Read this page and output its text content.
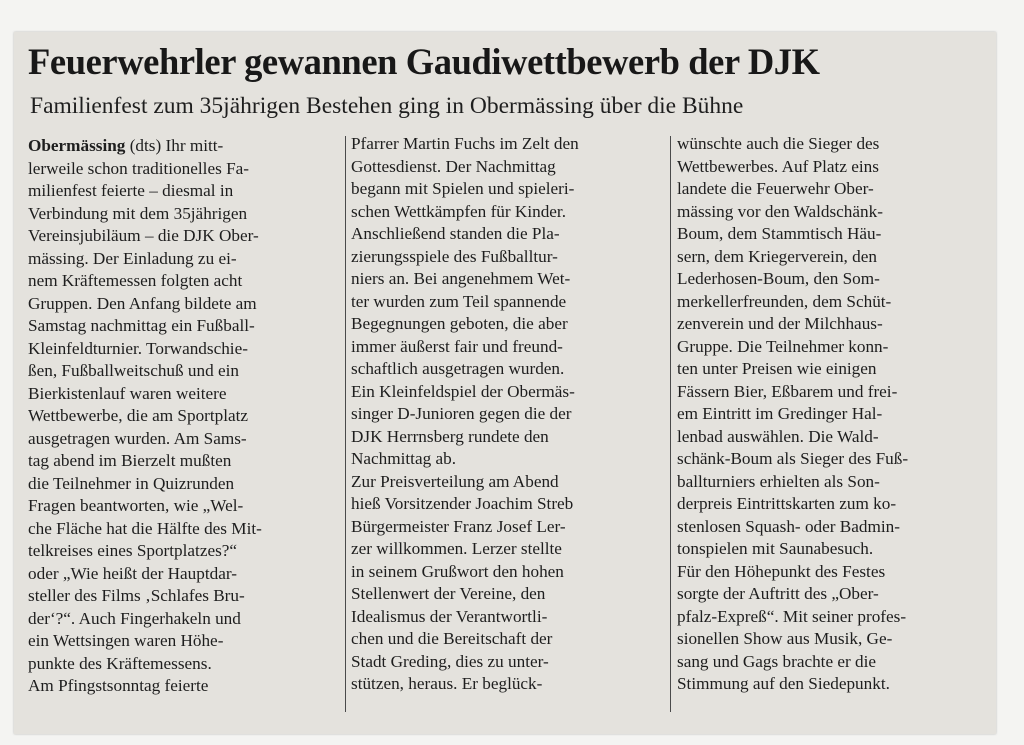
Feuerwehrler gewannen Gaudiwettbewerb der DJK
Familienfest zum 35jährigen Bestehen ging in Obermässing über die Bühne
Obermässing (dts) Ihr mitt-
lerweile schon traditionelles Fa-
milienfest feierte – diesmal in
Verbindung mit dem 35jährigen
Vereinsjubiläum – die DJK Ober-
mässing. Der Einladung zu ei-
nem Kräftemessen folgten acht
Gruppen. Den Anfang bildete am
Samstag nachmittag ein Fußball-
Kleinfeldturnier. Torwandschie-
ßen, Fußballweitschuß und ein
Bierkistenlauf waren weitere
Wettbewerbe, die am Sportplatz
ausgetragen wurden. Am Sams-
tag abend im Bierzelt mußten
die Teilnehmer in Quizrunden
Fragen beantworten, wie „Wel-
che Fläche hat die Hälfte des Mit-
telkreises eines Sportplatzes?“
oder „Wie heißt der Hauptdar-
steller des Films ‚Schlafes Bru-
der‘?“. Auch Fingerhakeln und
ein Wettsingen waren Höhe-
punkte des Kräftemessens.
Am Pfingstsonntag feierte
Pfarrer Martin Fuchs im Zelt den
Gottesdienst. Der Nachmittag
begann mit Spielen und spieleri-
schen Wettkämpfen für Kinder.
Anschließend standen die Pla-
zierungsspiele des Fußballtur-
niers an. Bei angenehmem Wet-
ter wurden zum Teil spannende
Begegnungen geboten, die aber
immer äußerst fair und freund-
schaftlich ausgetragen wurden.
Ein Kleinfeldspiel der Obermäs-
singer D-Junioren gegen die der
DJK Herrnsberg rundete den
Nachmittag ab.
Zur Preisverteilung am Abend
hieß Vorsitzender Joachim Streb
Bürgermeister Franz Josef Ler-
zer willkommen. Lerzer stellte
in seinem Grußwort den hohen
Stellenwert der Vereine, den
Idealismus der Verantwortli-
chen und die Bereitschaft der
Stadt Greding, dies zu unter-
stützen, heraus. Er beglück-
wünschte auch die Sieger des
Wettbewerbes. Auf Platz eins
landete die Feuerwehr Ober-
mässing vor den Waldschänk-
Boum, dem Stammtisch Häu-
sern, dem Kriegerverein, den
Lederhosen-Boum, den Som-
merkellerfreunden, dem Schüt-
zenverein und der Milchhaus-
Gruppe. Die Teilnehmer konn-
ten unter Preisen wie einigen
Fässern Bier, Eßbarem und frei-
em Eintritt im Gredinger Hal-
lenbad auswählen. Die Wald-
schänk-Boum als Sieger des Fuß-
ballturniers erhielten als Son-
derpreis Eintrittskarten zum ko-
stenlosen Squash- oder Badmin-
tonspielen mit Saunabesuch.
Für den Höhepunkt des Festes
sorgte der Auftritt des „Ober-
pfalz-Expreß“. Mit seiner profes-
sionellen Show aus Musik, Ge-
sang und Gags brachte er die
Stimmung auf den Siedepunkt.
